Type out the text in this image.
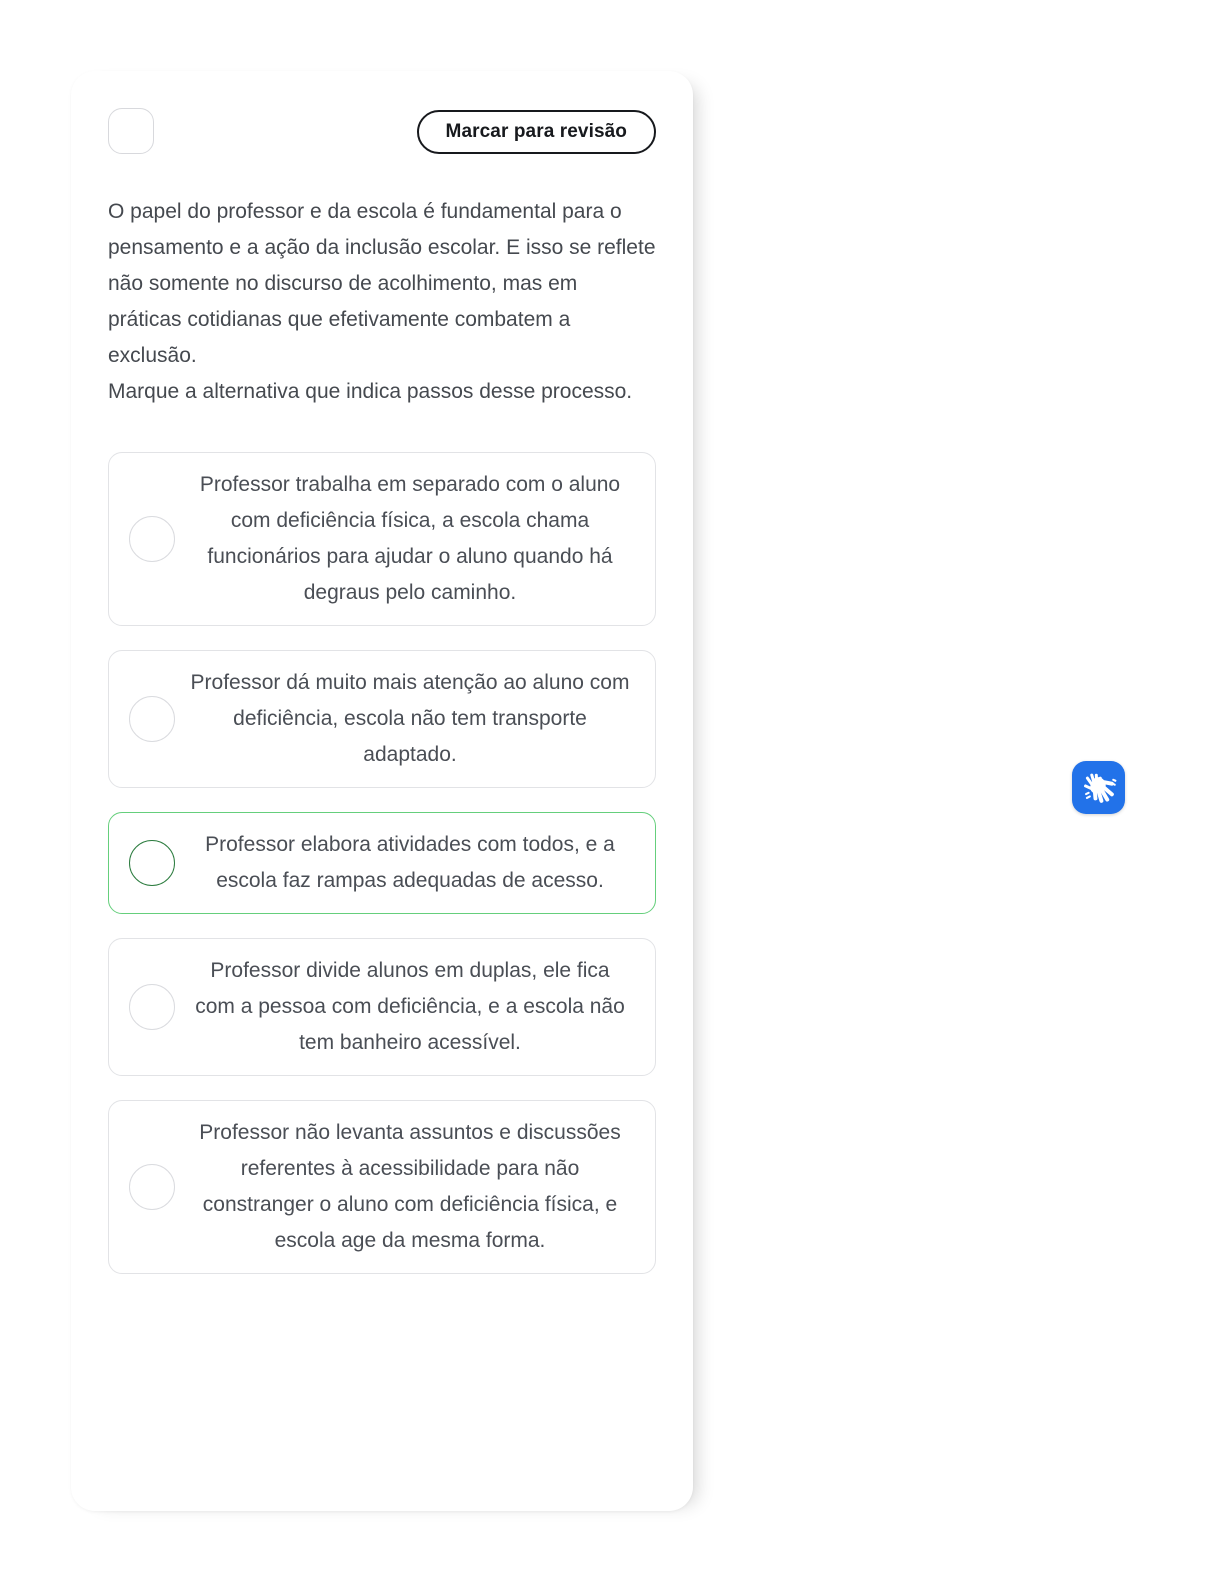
Marcar para revisão

O papel do professor e da escola é fundamental para o pensamento e a ação da inclusão escolar. E isso se reflete não somente no discurso de acolhimento, mas em práticas cotidianas que efetivamente combatem a exclusão.

Marque a alternativa que indica passos desse processo.

Professor trabalha em separado com o aluno com deficiência física, a escola chama funcionários para ajudar o aluno quando há degraus pelo caminho.
Professor dá muito mais atenção ao aluno com deficiência, escola não tem transporte adaptado.
Professor elabora atividades com todos, e a escola faz rampas adequadas de acesso.
Professor divide alunos em duplas, ele fica com a pessoa com deficiência, e a escola não tem banheiro acessível.
Professor não levanta assuntos e discussões referentes à acessibilidade para não constranger o aluno com deficiência física, e escola age da mesma forma.
